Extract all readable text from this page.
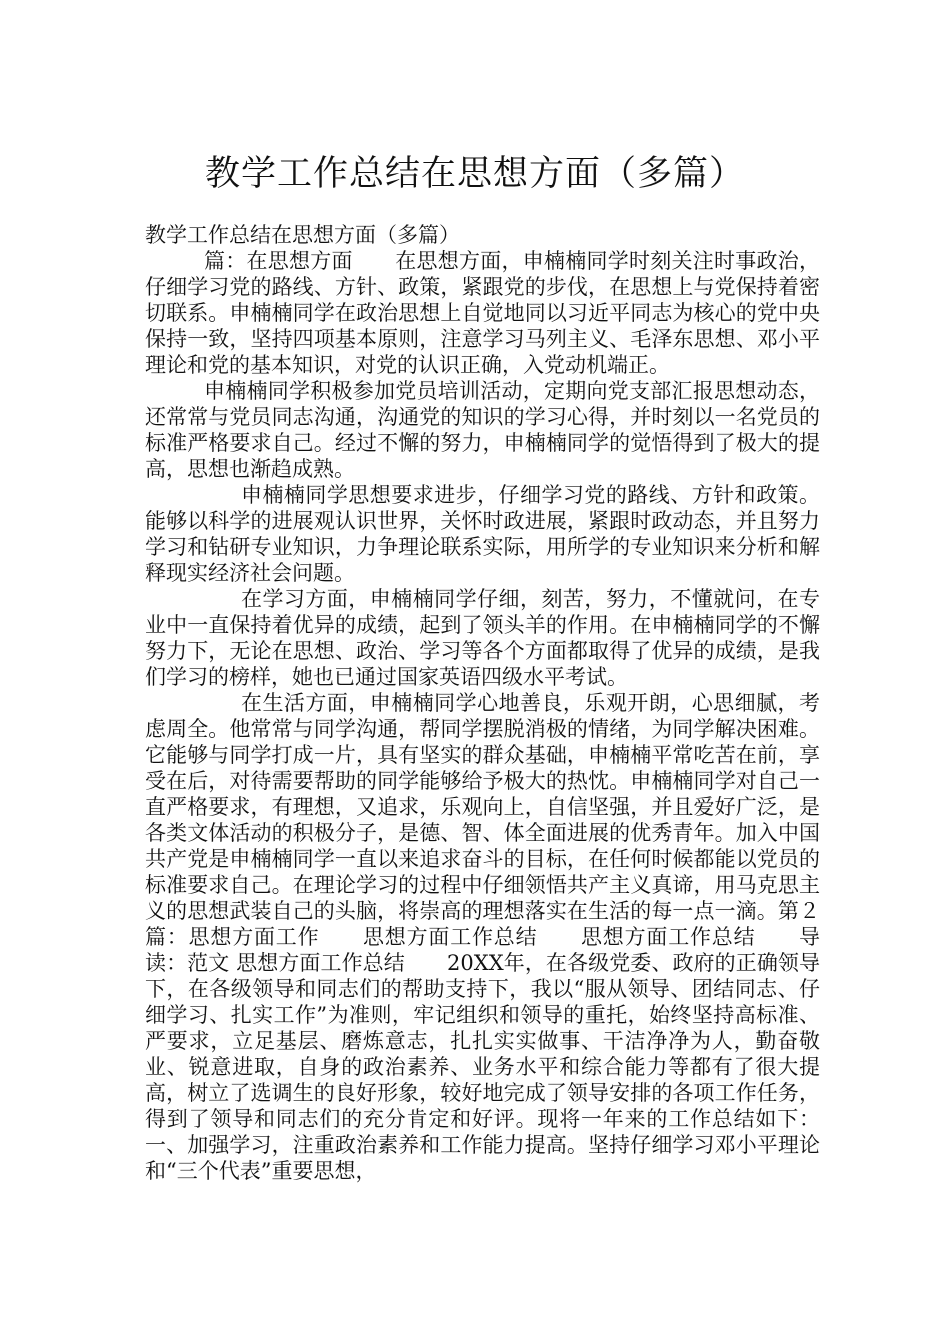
教学工作总结在思想方面（多篇）

教学工作总结在思想方面（多篇）

篇：在思想方面　　在思想方面，申楠楠同学时刻关注时事政治，仔细学习党的路线、方针、政策，紧跟党的步伐，在思想上与党保持着密切联系。申楠楠同学在政治思想上自觉地同以习近平同志为核心的党中央保持一致，坚持四项基本原则，注意学习马列主义、毛泽东思想、邓小平理论和党的基本知识，对党的认识正确，入党动机端正。

申楠楠同学积极参加党员培训活动，定期向党支部汇报思想动态，还常常与党员同志沟通，沟通党的知识的学习心得，并时刻以一名党员的标准严格要求自己。经过不懈的努力，申楠楠同学的觉悟得到了极大的提高，思想也渐趋成熟。

申楠楠同学思想要求进步，仔细学习党的路线、方针和政策。能够以科学的进展观认识世界，关怀时政进展，紧跟时政动态，并且努力学习和钻研专业知识，力争理论联系实际，用所学的专业知识来分析和解释现实经济社会问题。

在学习方面，申楠楠同学仔细，刻苦，努力，不懂就问，在专业中一直保持着优异的成绩，起到了领头羊的作用。在申楠楠同学的不懈努力下，无论在思想、政治、学习等各个方面都取得了优异的成绩，是我们学习的榜样，她也已通过国家英语四级水平考试。

在生活方面，申楠楠同学心地善良，乐观开朗，心思细腻，考虑周全。他常常与同学沟通，帮同学摆脱消极的情绪，为同学解决困难。它能够与同学打成一片，具有坚实的群众基础，申楠楠平常吃苦在前，享受在后，对待需要帮助的同学能够给予极大的热忱。申楠楠同学对自己一直严格要求，有理想，又追求，乐观向上，自信坚强，并且爱好广泛，是各类文体活动的积极分子，是德、智、体全面进展的优秀青年。加入中国共产党是申楠楠同学一直以来追求奋斗的目标，在任何时候都能以党员的标准要求自己。在理论学习的过程中仔细领悟共产主义真谛，用马克思主义的思想武装自己的头脑，将崇高的理想落实在生活的每一点一滴。第２篇：思想方面工作　　思想方面工作总结　　思想方面工作总结　　导读：范文 思想方面工作总结　　20XX年，在各级党委、政府的正确领导下，在各级领导和同志们的帮助支持下，我以“服从领导、团结同志、仔细学习、扎实工作”为准则，牢记组织和领导的重托，始终坚持高标准、严要求，立足基层、磨炼意志，扎扎实实做事、干洁净净为人，勤奋敬业、锐意进取，自身的政治素养、业务水平和综合能力等都有了很大提高，树立了选调生的良好形象，较好地完成了领导安排的各项工作任务，得到了领导和同志们的充分肯定和好评。现将一年来的工作总结如下：一、加强学习，注重政治素养和工作能力提高。坚持仔细学习邓小平理论和“三个代表”重要思想，
